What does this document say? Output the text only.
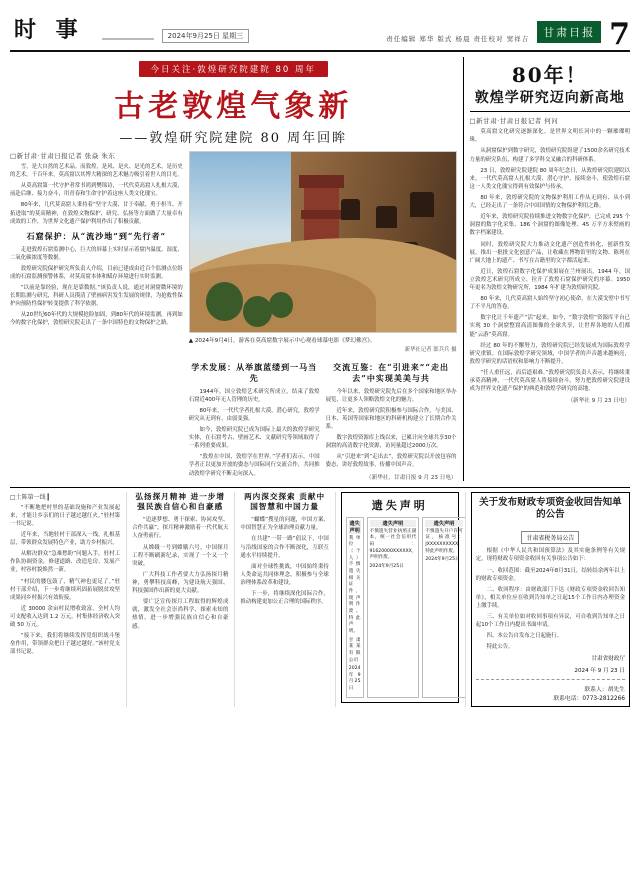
时 事	2024年9月25日 星期三	责任编辑 郑华 版式 杨晨 责任校对 窦祥吉	甘肃日报 7
今日关注·敦煌研究院建院 80 周年
古老敦煌气象新
——敦煌研究院建院 80 周年回眸
□新甘肃·甘肃日报记者 张焱 朱东

雪，是大自然的艺术品。而敦煌，是风、是火、是光的艺术，是历史的艺术。千百年来，莫高窟以其博大精深的艺术魅力吸引着世人的目光。

从莫高窟第一代守护者常书鸿到樊锦诗，一代代莫高窟人扎根大漠，前赴后继、接力奋斗，用青春和生命守护着这座人类文化瑰宝。

80年来，几代莫高窟人秉持着“坚守大漠、甘于奉献、勇于担当、开拓进取”的莫高精神，在敦煌文物保护、研究、弘扬等方面做了大量卓有成效的工作，为世界文化遗产保护利用作出了积极贡献。

石窟保护：从“流沙地”到“先行者”

走进敦煌石窟监测中心，巨大的屏幕上实时显示着窟内温度、湿度、二氧化碳浓度等数据。

敦煌研究院保护研究所负责人介绍，目前已建成由近百个监测点位组成的石窟监测预警体系，对莫高窟本体和赋存环境进行实时监测。

“以前是靠经验，现在是靠数据。”该负责人说，通过对洞窟微环境的长期监测与研究，科研人员摸清了壁画病害发生发展的规律，为抢救性保护向预防性保护转变提供了科学依据。

从20世纪60年代的大规模抢险加固，到80年代的环境监测，再到如今的数字化保护，敦煌研究院走出了一条中国特色的文物保护之路。

▲ 2024年9月4日，游客在莫高窟数字展示中心观看球幕电影《梦幻佛宫》。
新华社记者 郎兵兵 摄
学术发展：从举旗蓝缕到一马当先

1944年，国立敦煌艺术研究所成立，结束了敦煌石窟近400年无人管理的历史。

80年来，一代代学者扎根大漠，潜心研究，敦煌学研究从无到有、由弱变强。

如今，敦煌研究院已成为国际上最大的敦煌学研究实体，在石窟考古、壁画艺术、文献研究等领域取得了一系列重要成果。

“敦煌在中国，敦煌学在世界。”学者们表示，中国学者正以更加开放的姿态与国际同行交流合作，共同推动敦煌学研究不断走向深入。

交流互鉴：在“引进来”“走出去”中实现美美与共

今年以来，敦煌研究院先后在多个国家和地区举办展览，让更多人领略敦煌文化的魅力。

近年来，敦煌研究院积极参与国际合作，与美国、日本、英国等国家和地区的科研机构建立了长期合作关系。

数字敦煌资源库上线以来，已累计向全球共享30个洞窟的高清数字化资源，访问量超过2000万次。

从“引进来”到“走出去”，敦煌研究院以开放包容的姿态，讲好敦煌故事，传播中国声音。

（新华社、甘肃日报 9 月 23 日电）

80年！
敦煌学研究迈向新高地
□新甘肃·甘肃日报记者 何问

莫高窟文化研究逐渐深化。是世界文明长河中的一颗璀璨明珠。

从洞窟保护到数字研究，敦煌研究院组建了1500余名研究技术力量的研究队伍，构建了多学科交叉融合的科研体系。

23 日，敦煌研究院建院 80 周年纪念日，从敦煌研究院建院以来，一代代莫高窟人扎根大漠、潜心守护、接续奋斗，使敦煌石窟这一人类文化瑰宝得到有效保护与传承。

80 年来，敦煌研究院的文物保护利用工作从无到有、从小到大，已经走出了一条符合中国国情的文物保护利用之路。

近年来，敦煌研究院持续推进文物数字化保护，已完成 295 个洞窟的数字化采集、186 个洞窟的图像处理、45 万平方米壁画的数字档案建设。

同时，敦煌研究院大力推动文化遗产创造性转化、创新性发展，推出一批批文化创意产品，让收藏在博物馆里的文物、陈列在广阔大地上的遗产、书写在古籍里的文字都活起来。

近日，敦煌石窟数字化保护成果展在兰州展出，1944 年，国立敦煌艺术研究所成立，拉开了敦煌石窟保护研究的序幕。1950 年更名为敦煌文物研究所，1984 年扩建为敦煌研究院。

80 年来，几代莫高窟人始终坚守初心使命，在大漠戈壁中书写了不平凡的答卷。

数字化让千年遗产“活”起来。如今，“数字敦煌”资源库平台已实现 30 个洞窟整窟高清图像的全球共享，让世界各地的人们都能“云游”莫高窟。

经过 80 年的不懈努力，敦煌研究院已经发展成为国际敦煌学研究重镇。在国际敦煌学研究领域，中国学者的声音越来越响亮，敦煌学研究的话语权和影响力不断提升。

“任人重任远，而后道艰难。”敦煌研究院负责人表示，将继续秉承莫高精神，一代代莫高窟人将接续奋斗，努力把敦煌研究院建设成为世界文化遗产保护的典范和敦煌学研究的高地。

（新华社 9 月 23 日电）

□土陈第一线 ▎

“不断地把村里的基础设施和产业发展起来，才能让乡亲们的日子越过越红火。”驻村第一书记说。

近年来，当地驻村干部深入一线，扎根基层，带领群众发展特色产业，助力乡村振兴。

从解决群众“急难愁盼”问题入手，驻村工作队协调资金，修建道路、改造危房、发展产业，村容村貌焕然一新。

“村民的腰包鼓了，精气神也更足了。”驻村干部介绍，下一步将继续巩固拓展脱贫攻坚成果同乡村振兴有效衔接。

近 30000 余亩村民增收致富，全村人均可支配收入达到 1.2 万元，村集体经济收入突破 50 万元。

“接下来，我们将继续发挥党组织战斗堡垒作用，带领群众把日子越过越好。”该村党支部书记说。

弘扬探月精神 进一步增强民族自信心和自豪感

“追逐梦想、勇于探索、协同攻坚、合作共赢”，探月精神激励着一代代航天人奋勇前行。

从嫦娥一号到嫦娥六号，中国探月工程不断刷新纪录，实现了一个又一个突破。

广大科技工作者要大力弘扬探月精神，勇攀科技高峰，为建设航天强国、科技强国作出新的更大贡献。

要广泛宣传探月工程取得的辉煌成就，激发全社会崇尚科学、探索未知的热情，进一步增强民族自信心和自豪感。

两内深交探索 贡献中国智慧和中国力量

“蝴蝶”搜星的问题，中国方案、中国智慧正为全球治理贡献力量。

在共建“一带一路”倡议下，中国与沿线国家的合作不断深化，互联互通水平持续提升。

面对全球性挑战，中国始终秉持人类命运共同体理念，积极参与全球治理体系改革和建设。

下一步，将继续深化国际合作，推动构建更加公正合理的国际秩序。

遗失声明
遗失声明

我单位（个人）不慎遗失相关证件，现声明作废。特此声明。

甘肃某某有限公司

2024年9月25日

遗失声明

不慎遗失营业执照正副本，统一社会信用代码：91620000XXXXXX，声明作废。

2024年9月25日

遗失声明

不慎遗失开户许可证，核准号：JXXXXXXXXXX，特此声明作废。

2024年9月25日

关于发布财政专项资金收回告知单的公告
甘肃省税务局公告

根据《中华人民共和国预算法》及其实施条例等有关规定，现将财政专项资金收回有关事项公告如下：

一、收回范围：截至2024年8月31日，结转结余两年以上的财政专项资金。

二、收回程序：由财政部门下达《财政专项资金收回告知单》，相关单位应在收到告知单之日起15个工作日内办理资金上缴手续。

三、有关单位如对收回事项有异议，可自收到告知单之日起10个工作日内提出书面申请。

四、本公告自发布之日起施行。

特此公告。

甘肃省财政厅
2024 年 9 月 23 日
联系人：胡先生
联系电话：0773-2812266
